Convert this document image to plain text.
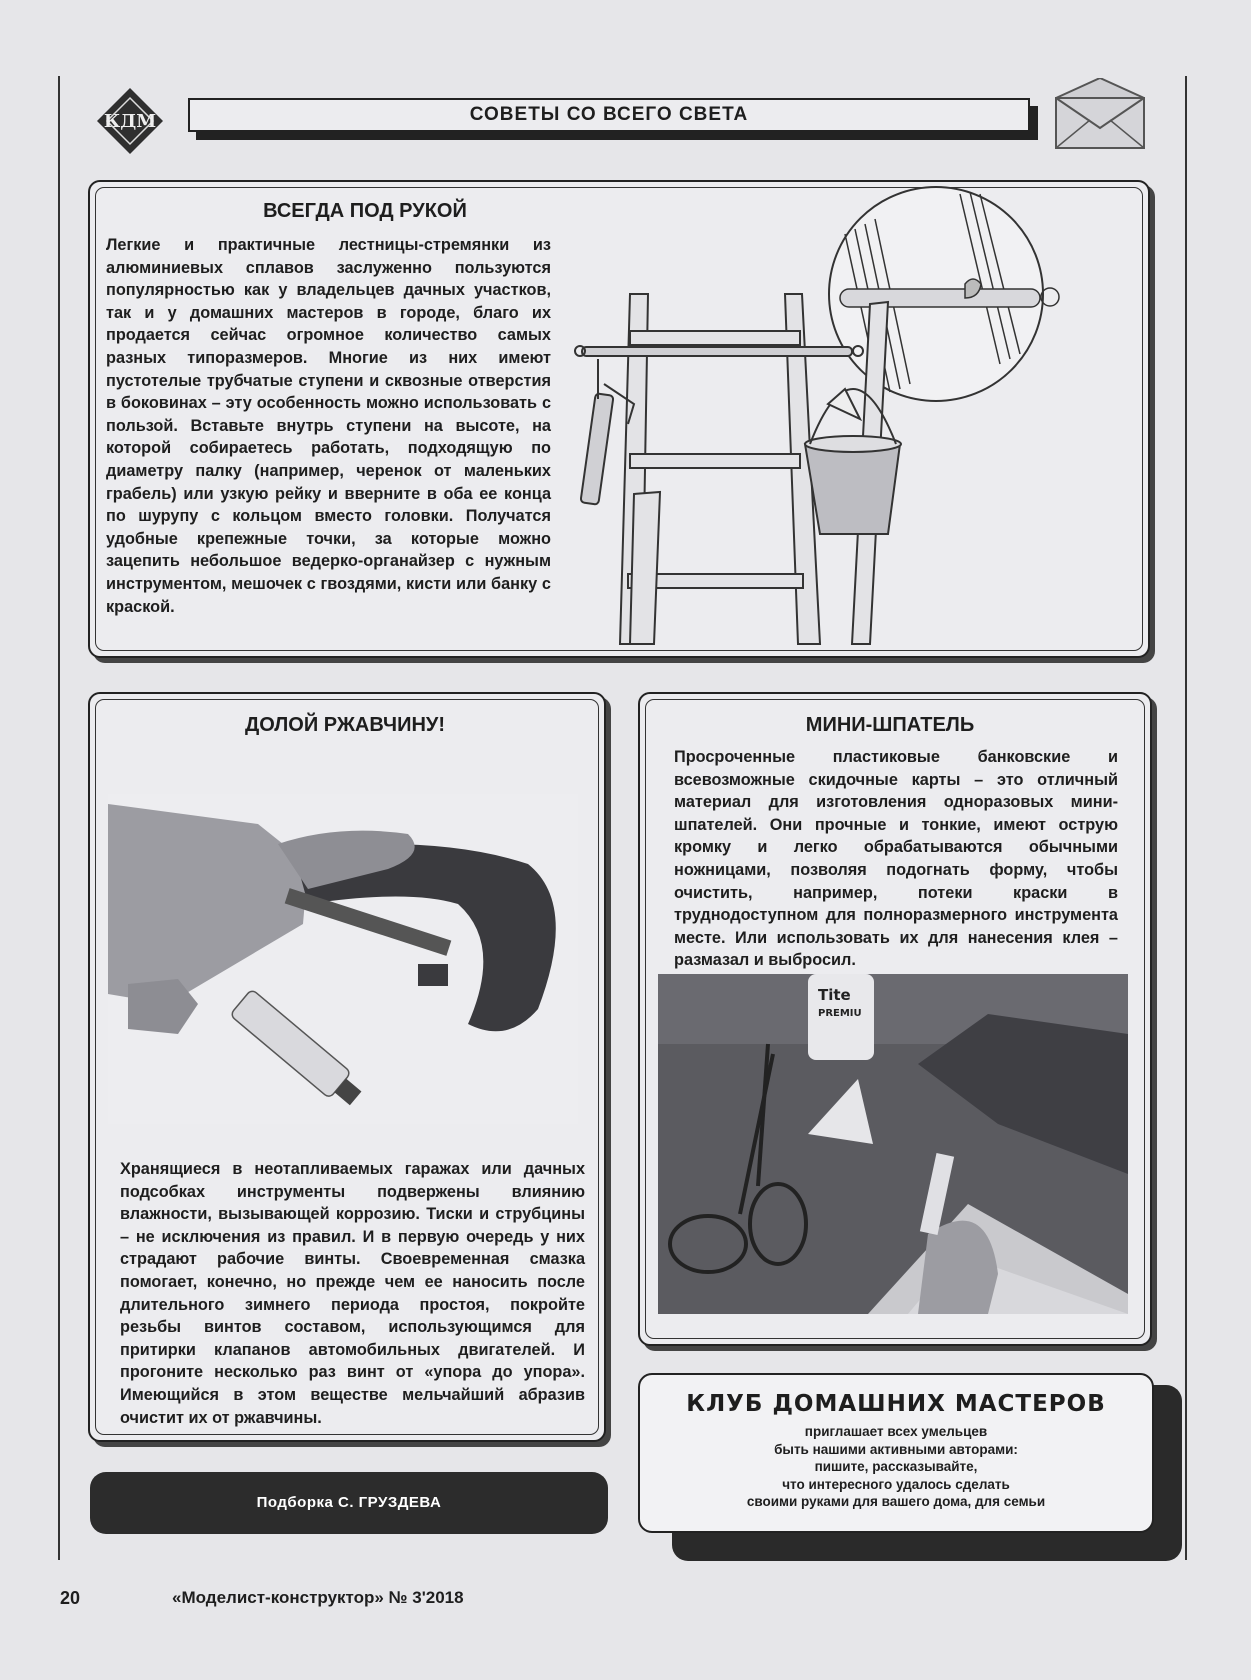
КДМ	СОВЕТЫ СО ВСЕГО СВЕТА
ВСЕГДА ПОД РУКОЙ

Легкие и практичные лестницы-стремянки из алюминиевых сплавов заслуженно пользуются популярностью как у владельцев дачных участков, так и у домашних мастеров в городе, благо их продается сейчас огромное количество самых разных типоразмеров. Многие из них имеют пустотелые трубчатые ступени и сквозные отверстия в боковинах – эту особенность можно использовать с пользой. Вставьте внутрь ступени на высоте, на которой собираетесь работать, подходящую по диаметру палку (например, черенок от маленьких грабель) или узкую рейку и вверните в оба ее конца по шурупу с кольцом вместо головки. Получатся удобные крепежные точки, за которые можно зацепить небольшое ведерко-органайзер с нужным инструментом, мешочек с гвоздями, кисти или банку с краской.

ДОЛОЙ РЖАВЧИНУ!

Хранящиеся в неотапливаемых гаражах или дачных подсобках инструменты подвержены влиянию влажности, вызывающей коррозию. Тиски и струбцины – не исключения из правил. И в первую очередь у них страдают рабочие винты. Своевременная смазка помогает, конечно, но прежде чем ее наносить после длительного зимнего периода простоя, покройте резьбы винтов составом, использующимся для притирки клапанов автомобильных двигателей. И прогоните несколько раз винт от «упора до упора». Имеющийся в этом веществе мельчайший абразив очистит их от ржавчины.

МИНИ-ШПАТЕЛЬ

Просроченные пластиковые банковские и всевозможные скидочные карты – это отличный материал для изготовления одноразовых мини-шпателей. Они прочные и тонкие, имеют острую кромку и легко обрабатываются обычными ножницами, позволяя подогнать форму, чтобы очистить, например, потеки краски в труднодоступном для полноразмерного инструмента месте. Или использовать их для нанесения клея – размазал и выбросил.

Tite
PREMIU
Подборка С. ГРУЗДЕВА
КЛУБ ДОМАШНИХ МАСТЕРОВ
приглашает всех умельцев
быть нашими активными авторами:
пишите, рассказывайте,
что интересного удалось сделать
своими руками для вашего дома, для семьи
20	«Моделист-конструктор» № 3'2018
